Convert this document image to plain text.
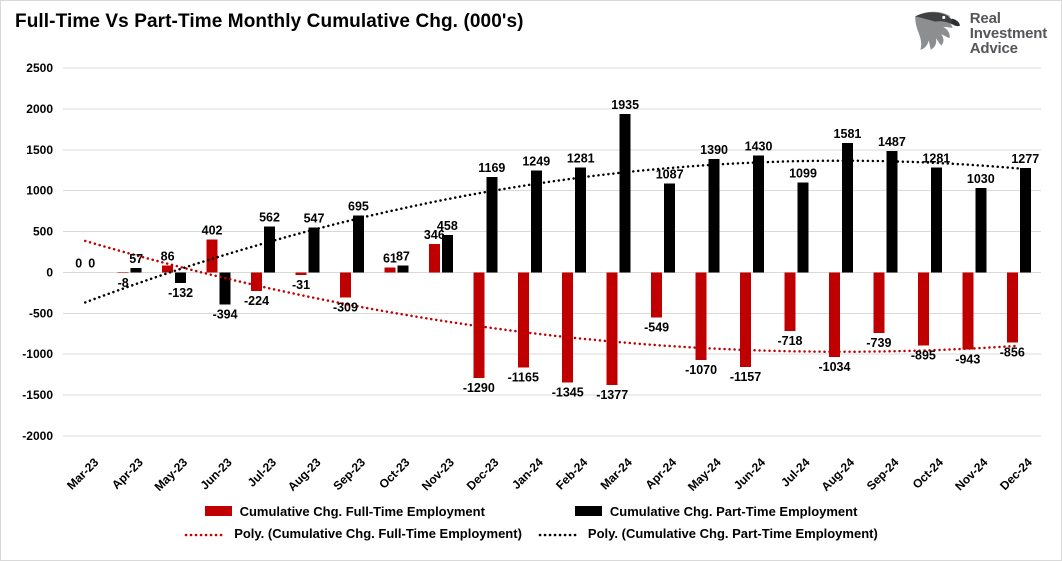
Full-Time Vs Part-Time Monthly Cumulative Chg. (000's)	Real
Investment
Advice
2500
2000
1500
1000
500
0
-500
-1000
-1500
-2000
Mar-23 Apr-23 May-23 Jun-23 Jul-23 Aug-23 Sep-23 Oct-23 Nov-23 Dec-23 Jan-24 Feb-24 Mar-24 Apr-24 May-24 Jun-24 Jul-24 Aug-24 Sep-24 Oct-24 Nov-24 Dec-24
0
-8
86
402
-224
-31
-309
61
346
-1290
-1165
-1345 -1377
-549
-1070
-1157
-718
-1034
-739
-895 -943
-856
0	57
-132
-394
562 547
695
87
458
1169 1249 1281
1935
1087
1390 1430
1099
1581
1487
1281
1030
1277
Cumulative Chg. Full-Time Employment	Cumulative Chg. Part-Time Employment
Poly. (Cumulative Chg. Full-Time Employment)	Poly. (Cumulative Chg. Part-Time Employment)
